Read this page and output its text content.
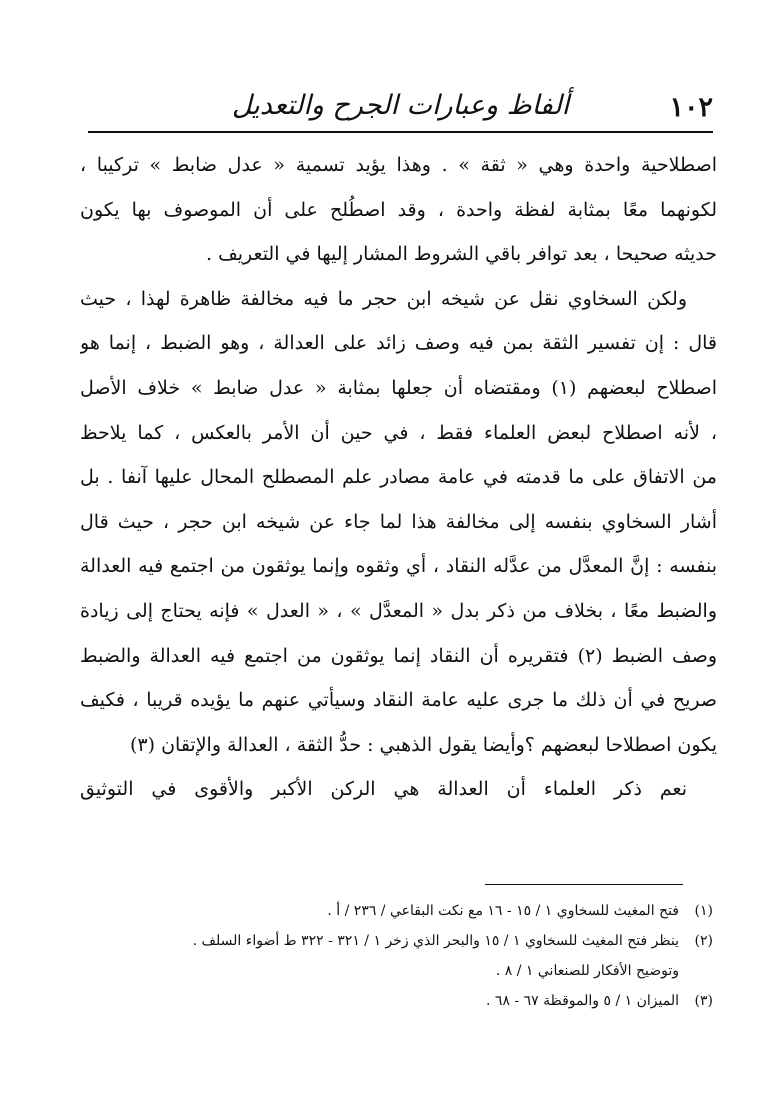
١٠٢
ألفاظ وعبارات الجرح والتعديل
اصطلاحية واحدة وهي « ثقة » . وهذا يؤيد تسمية « عدل ضابط » تركيبا ،
لكونهما معًا بمثابة لفظة واحدة ، وقد اصطُلح على أن الموصوف بها يكون
حديثه صحيحا ، بعد توافر باقي الشروط المشار إليها في التعريف .
ولكن السخاوي نقل عن شيخه ابن حجر ما فيه مخالفة ظاهرة لهذا ، حيث
قال : إن تفسير الثقة بمن فيه وصف زائد على العدالة ، وهو الضبط ، إنما هو
اصطلاح لبعضهم (١) ومقتضاه أن جعلها بمثابة « عدل ضابط » خلاف الأصل
، لأنه اصطلاح لبعض العلماء فقط ، في حين أن الأمر بالعكس ، كما يلاحظ
من الاتفاق على ما قدمته في عامة مصادر علم المصطلح المحال عليها آنفا . بل
أشار السخاوي بنفسه إلى مخالفة هذا لما جاء عن شيخه ابن حجر ، حيث قال
بنفسه : إنَّ المعدَّل من عدَّله النقاد ، أي وثقوه وإنما يوثقون من اجتمع فيه العدالة
والضبط معًا ، بخلاف من ذكر بدل « المعدَّل » ، « العدل » فإنه يحتاج إلى زيادة
وصف الضبط (٢) فتقريره أن النقاد إنما يوثقون من اجتمع فيه العدالة والضبط
صريح في أن ذلك ما جرى عليه عامة النقاد وسيأتي عنهم ما يؤيده قريبا ، فكيف
يكون اصطلاحا لبعضهم ؟وأيضا يقول الذهبي : حدُّ الثقة ، العدالة والإتقان (٣)
نعم ذكر العلماء أن العدالة هي الركن الأكبر والأقوى في التوثيق
(١)فتح المغيث للسخاوي ١ / ١٥ - ١٦ مع نكت البقاعي / ٢٣٦ / أ .
(٢)ينظر فتح المغيث للسخاوي ١ / ١٥ والبحر الذي زخر ١ / ٣٢١ - ٣٢٢ ط أضواء السلف .
وتوضيح الأفكار للصنعاني ١ / ٨ .
(٣)الميزان ١ / ٥ والموقظة ٦٧ - ٦٨ .
